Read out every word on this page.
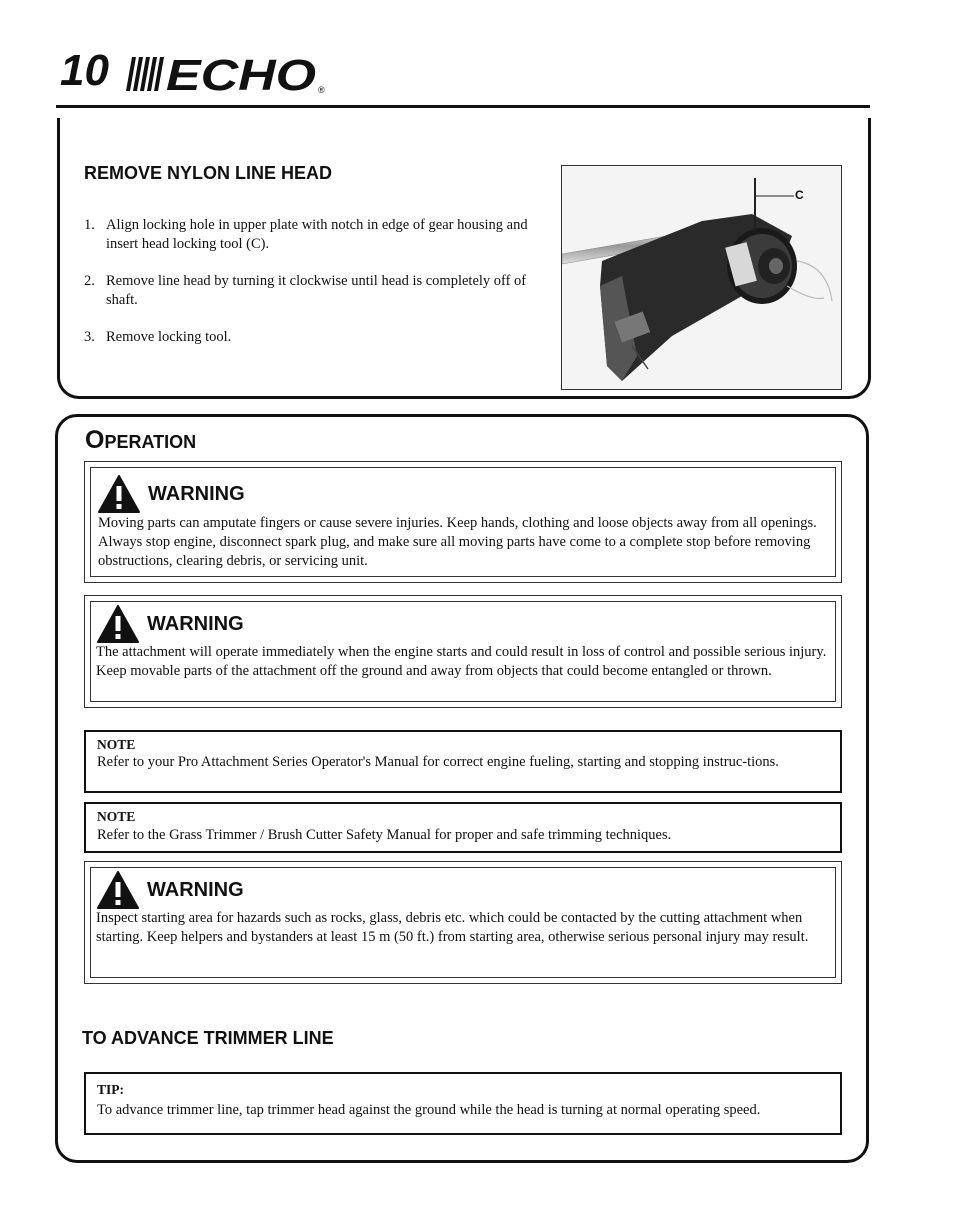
10 ECHO ®
REMOVE NYLON LINE HEAD
1. Align locking hole in upper plate with notch in edge of gear housing and insert head locking tool (C).
2. Remove line head by turning it clockwise until head is completely off of shaft.
3. Remove locking tool.
C
OPERATION
WARNING
Moving parts can amputate fingers or cause severe injuries. Keep hands, clothing and loose objects away from all openings. Always stop engine, disconnect spark plug, and make sure all moving parts have come to a complete stop before removing obstructions, clearing debris, or servicing unit.
WARNING
The attachment will operate immediately when the engine starts and could result in loss of control and possible serious injury. Keep movable parts of the attachment off the ground and away from objects that could become entangled or thrown.
NOTE
Refer to your Pro Attachment Series Operator's Manual for correct engine fueling, starting and stopping instruc-tions.
NOTE
Refer to the Grass Trimmer / Brush Cutter Safety Manual for proper and safe trimming techniques.
WARNING
Inspect starting area for hazards such as rocks, glass, debris etc. which could be contacted by the cutting attachment when starting. Keep helpers and bystanders at least 15 m (50 ft.) from starting area, otherwise serious personal injury may result.
TO ADVANCE TRIMMER LINE
TIP:
To advance trimmer line, tap trimmer head against the ground while the head is turning at normal operating speed.
